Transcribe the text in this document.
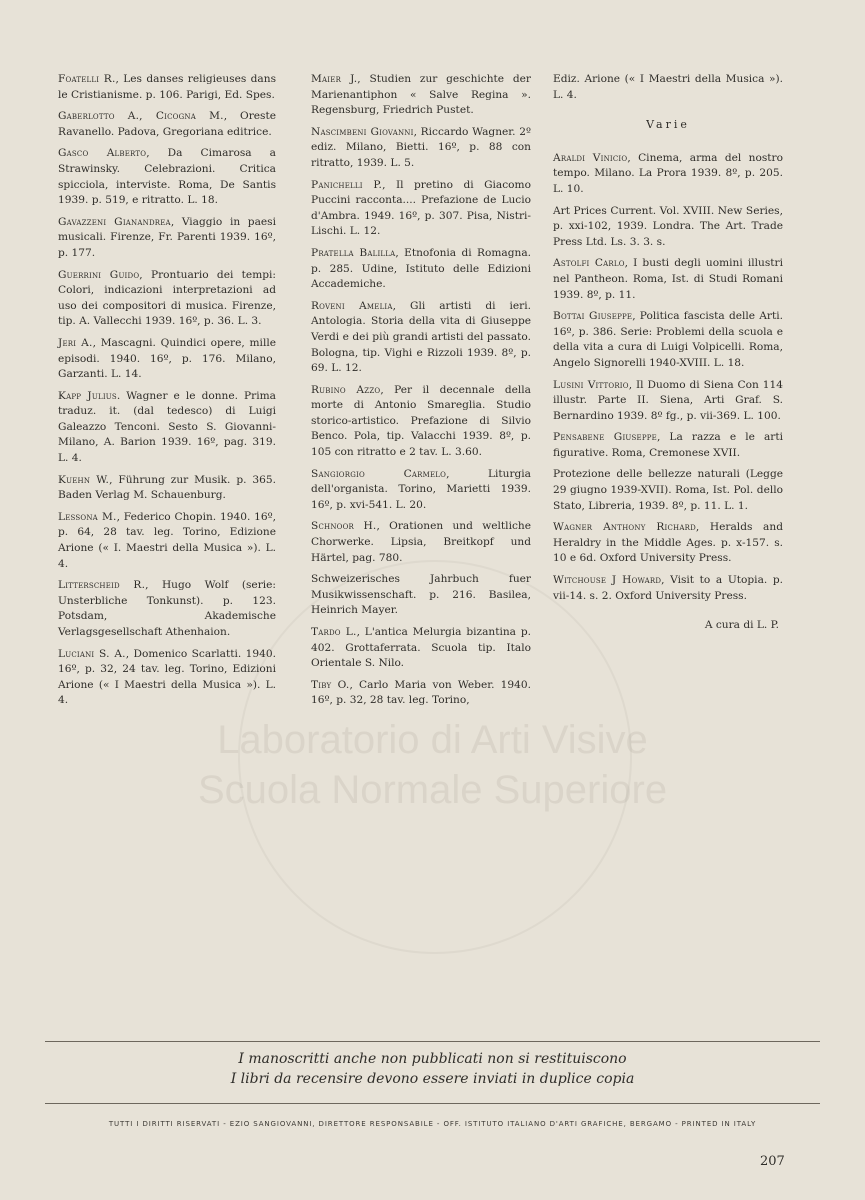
Laboratorio di Arti Visive
Scuola Normale Superiore

Foatelli R., Les danses religieuses dans le Cristianisme. p. 106. Parigi, Ed. Spes.

Gaberlotto A., Cicogna M., Oreste Ravanello. Padova, Gregoriana editrice.

Gasco Alberto, Da Cimarosa a Strawinsky. Celebrazioni. Critica spicciola, interviste. Roma, De Santis 1939. p. 519, e ritratto. L. 18.

Gavazzeni Gianandrea, Viaggio in paesi musicali. Firenze, Fr. Parenti 1939. 16º, p. 177.

Guerrini Guido, Prontuario dei tempi: Colori, indicazioni interpretazioni ad uso dei compositori di musica. Firenze, tip. A. Vallecchi 1939. 16º, p. 36. L. 3.

Jeri A., Mascagni. Quindici opere, mille episodi. 1940. 16º, p. 176. Milano, Garzanti. L. 14.

Kapp Julius. Wagner e le donne. Prima traduz. it. (dal tedesco) di Luigi Galeazzo Tenconi. Sesto S. Giovanni-Milano, A. Barion 1939. 16º, pag. 319. L. 4.

Kuehn W., Führung zur Musik. p. 365. Baden Verlag M. Schauenburg.

Lessona M., Federico Chopin. 1940. 16º, p. 64, 28 tav. leg. Torino, Edizione Arione (« I. Maestri della Musica »). L. 4.

Litterscheid R., Hugo Wolf (serie: Unsterbliche Tonkunst). p. 123. Potsdam, Akademische Verlagsgesellschaft Athenhaion.

Luciani S. A., Domenico Scarlatti. 1940. 16º, p. 32, 24 tav. leg. Torino, Edizioni Arione (« I Maestri della Musica »). L. 4.

Maier J., Studien zur geschichte der Marienantiphon « Salve Regina ». Regensburg, Friedrich Pustet.

Nascimbeni Giovanni, Riccardo Wagner. 2º ediz. Milano, Bietti. 16º, p. 88 con ritratto, 1939. L. 5.

Panichelli P., Il pretino di Giacomo Puccini racconta.... Prefazione de Lucio d'Ambra. 1949. 16º, p. 307. Pisa, Nistri-Lischi. L. 12.

Pratella Balilla, Etnofonia di Romagna. p. 285. Udine, Istituto delle Edizioni Accademiche.

Roveni Amelia, Gli artisti di ieri. Antologia. Storia della vita di Giuseppe Verdi e dei più grandi artisti del passato. Bologna, tip. Vighi e Rizzoli 1939. 8º, p. 69. L. 12.

Rubino Azzo, Per il decennale della morte di Antonio Smareglia. Studio storico-artistico. Prefazione di Silvio Benco. Pola, tip. Valacchi 1939. 8º, p. 105 con ritratto e 2 tav. L. 3.60.

Sangiorgio Carmelo, Liturgia dell'organista. Torino, Marietti 1939. 16º, p. xvi-541. L. 20.

Schnoor H., Orationen und weltliche Chorwerke. Lipsia, Breitkopf und Härtel, pag. 780.

Schweizerisches Jahrbuch fuer Musikwissenschaft. p. 216. Basilea, Heinrich Mayer.

Tardo L., L'antica Melurgia bizantina p. 402. Grottaferrata. Scuola tip. Italo Orientale S. Nilo.

Tiby O., Carlo Maria von Weber. 1940. 16º, p. 32, 28 tav. leg. Torino,

Ediz. Arione (« I Maestri della Musica »). L. 4.

Varie

Araldi Vinicio, Cinema, arma del nostro tempo. Milano. La Prora 1939. 8º, p. 205. L. 10.

Art Prices Current. Vol. XVIII. New Series, p. xxi-102, 1939. Londra. The Art. Trade Press Ltd. Ls. 3. 3. s.

Astolfi Carlo, I busti degli uomini illustri nel Pantheon. Roma, Ist. di Studi Romani 1939. 8º, p. 11.

Bottai Giuseppe, Politica fascista delle Arti. 16º, p. 386. Serie: Problemi della scuola e della vita a cura di Luigi Volpicelli. Roma, Angelo Signorelli 1940-XVIII. L. 18.

Lusini Vittorio, Il Duomo di Siena Con 114 illustr. Parte II. Siena, Arti Graf. S. Bernardino 1939. 8º fg., p. vii-369. L. 100.

Pensabene Giuseppe, La razza e le arti figurative. Roma, Cremonese XVII.

Protezione delle bellezze naturali (Legge 29 giugno 1939-XVII). Roma, Ist. Pol. dello Stato, Libreria, 1939. 8º, p. 11. L. 1.

Wagner Anthony Richard, Heralds and Heraldry in the Middle Ages. p. x-157. s. 10 e 6d. Oxford University Press.

Witchouse J Howard, Visit to a Utopia. p. vii-14. s. 2. Oxford University Press.

A cura di L. P.
I manoscritti anche non pubblicati non si restituiscono
I libri da recensire devono essere inviati in duplice copia
TUTTI I DIRITTI RISERVATI - EZIO SANGIOVANNI, DIRETTORE RESPONSABILE - OFF. ISTITUTO ITALIANO D'ARTI GRAFICHE, BERGAMO - PRINTED IN ITALY
207
